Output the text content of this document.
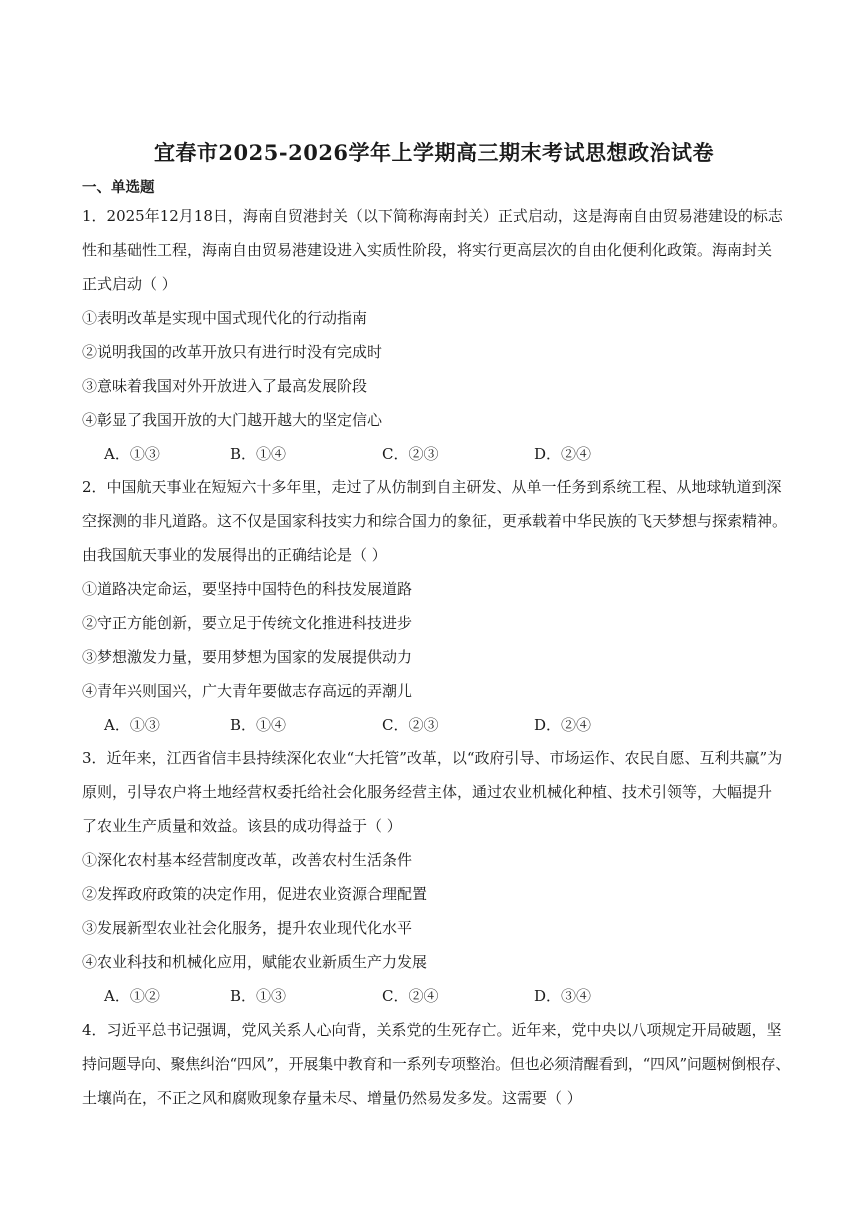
宜春市2025-2026学年上学期高三期末考试思想政治试卷
一、单选题
1．2025年12月18日，海南自贸港封关（以下简称海南封关）正式启动，这是海南自由贸易港建设的标志
性和基础性工程，海南自由贸易港建设进入实质性阶段，将实行更高层次的自由化便利化政策。海南封关
正式启动（ ）
①表明改革是实现中国式现代化的行动指南
②说明我国的改革开放只有进行时没有完成时
③意味着我国对外开放进入了最高发展阶段
④彰显了我国开放的大门越开越大的坚定信心
A．①③	B．①④	C．②③	D．②④
2．中国航天事业在短短六十多年里，走过了从仿制到自主研发、从单一任务到系统工程、从地球轨道到深
空探测的非凡道路。这不仅是国家科技实力和综合国力的象征，更承载着中华民族的飞天梦想与探索精神。
由我国航天事业的发展得出的正确结论是（ ）
①道路决定命运，要坚持中国特色的科技发展道路
②守正方能创新，要立足于传统文化推进科技进步
③梦想激发力量，要用梦想为国家的发展提供动力
④青年兴则国兴，广大青年要做志存高远的弄潮儿
A．①③	B．①④	C．②③	D．②④
3．近年来，江西省信丰县持续深化农业“大托管”改革，以“政府引导、市场运作、农民自愿、互利共赢”为
原则，引导农户将土地经营权委托给社会化服务经营主体，通过农业机械化种植、技术引领等，大幅提升
了农业生产质量和效益。该县的成功得益于（ ）
①深化农村基本经营制度改革，改善农村生活条件
②发挥政府政策的决定作用，促进农业资源合理配置
③发展新型农业社会化服务，提升农业现代化水平
④农业科技和机械化应用，赋能农业新质生产力发展
A．①②	B．①③	C．②④	D．③④
4．习近平总书记强调，党风关系人心向背，关系党的生死存亡。近年来，党中央以八项规定开局破题，坚
持问题导向、聚焦纠治“四风”，开展集中教育和一系列专项整治。但也必须清醒看到，“四风”问题树倒根存、
土壤尚在，不正之风和腐败现象存量未尽、增量仍然易发多发。这需要（ ）
